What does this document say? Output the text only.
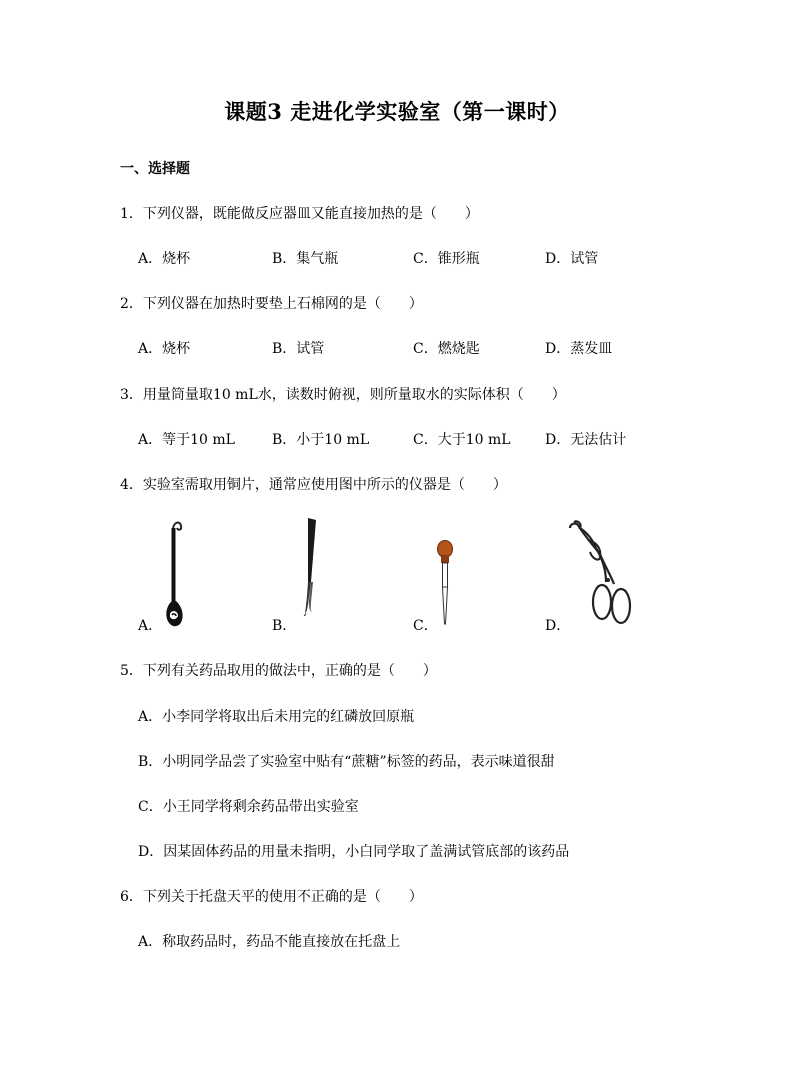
课题3 走进化学实验室（第一课时）
一、选择题
1．下列仪器，既能做反应器皿又能直接加热的是（　　）
A．烧杯	B．集气瓶	C．锥形瓶	D．试管
2．下列仪器在加热时要垫上石棉网的是（　　）
A．烧杯	B．试管	C．燃烧匙	D．蒸发皿
3．用量筒量取10 mL水，读数时俯视，则所量取水的实际体积（　　）
A．等于10 mL	B．小于10 mL	C．大于10 mL D．无法估计
4．实验室需取用铜片，通常应使用图中所示的仪器是（　　）
A．	B．	C．	D．
5．下列有关药品取用的做法中，正确的是（　　）
A．小李同学将取出后未用完的红磷放回原瓶
B．小明同学品尝了实验室中贴有“蔗糖”标签的药品，表示味道很甜
C．小王同学将剩余药品带出实验室
D．因某固体药品的用量未指明，小白同学取了盖满试管底部的该药品
6．下列关于托盘天平的使用不正确的是（　　）
A．称取药品时，药品不能直接放在托盘上
